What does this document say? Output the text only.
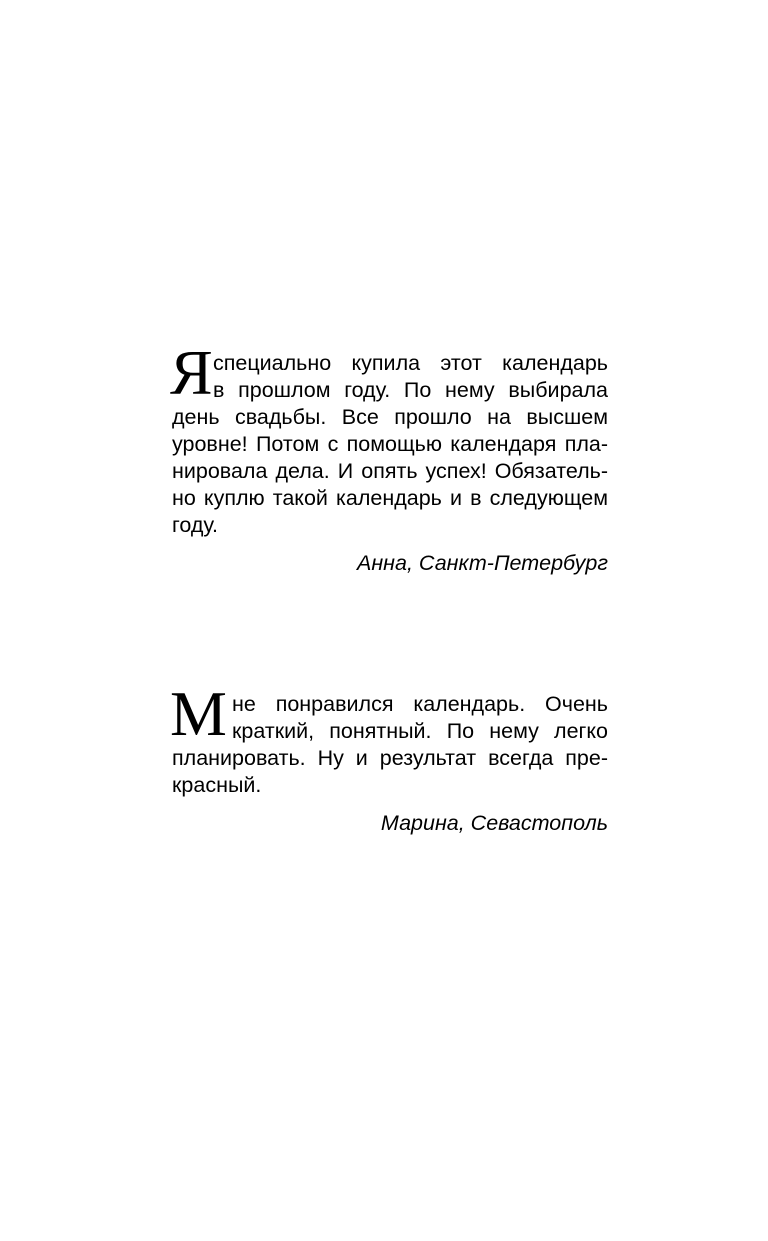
Я специально купила этот календарь
в прошлом году. По нему выбирала
день свадьбы. Все прошло на высшем
уровне! Потом с помощью календаря пла-
нировала дела. И опять успех! Обязатель-
но куплю такой календарь и в следующем
году.

Анна, Санкт-Петербург

М не понравился календарь. Очень
краткий, понятный. По нему легко
планировать. Ну и результат всегда пре-
красный.

Марина, Севастополь
